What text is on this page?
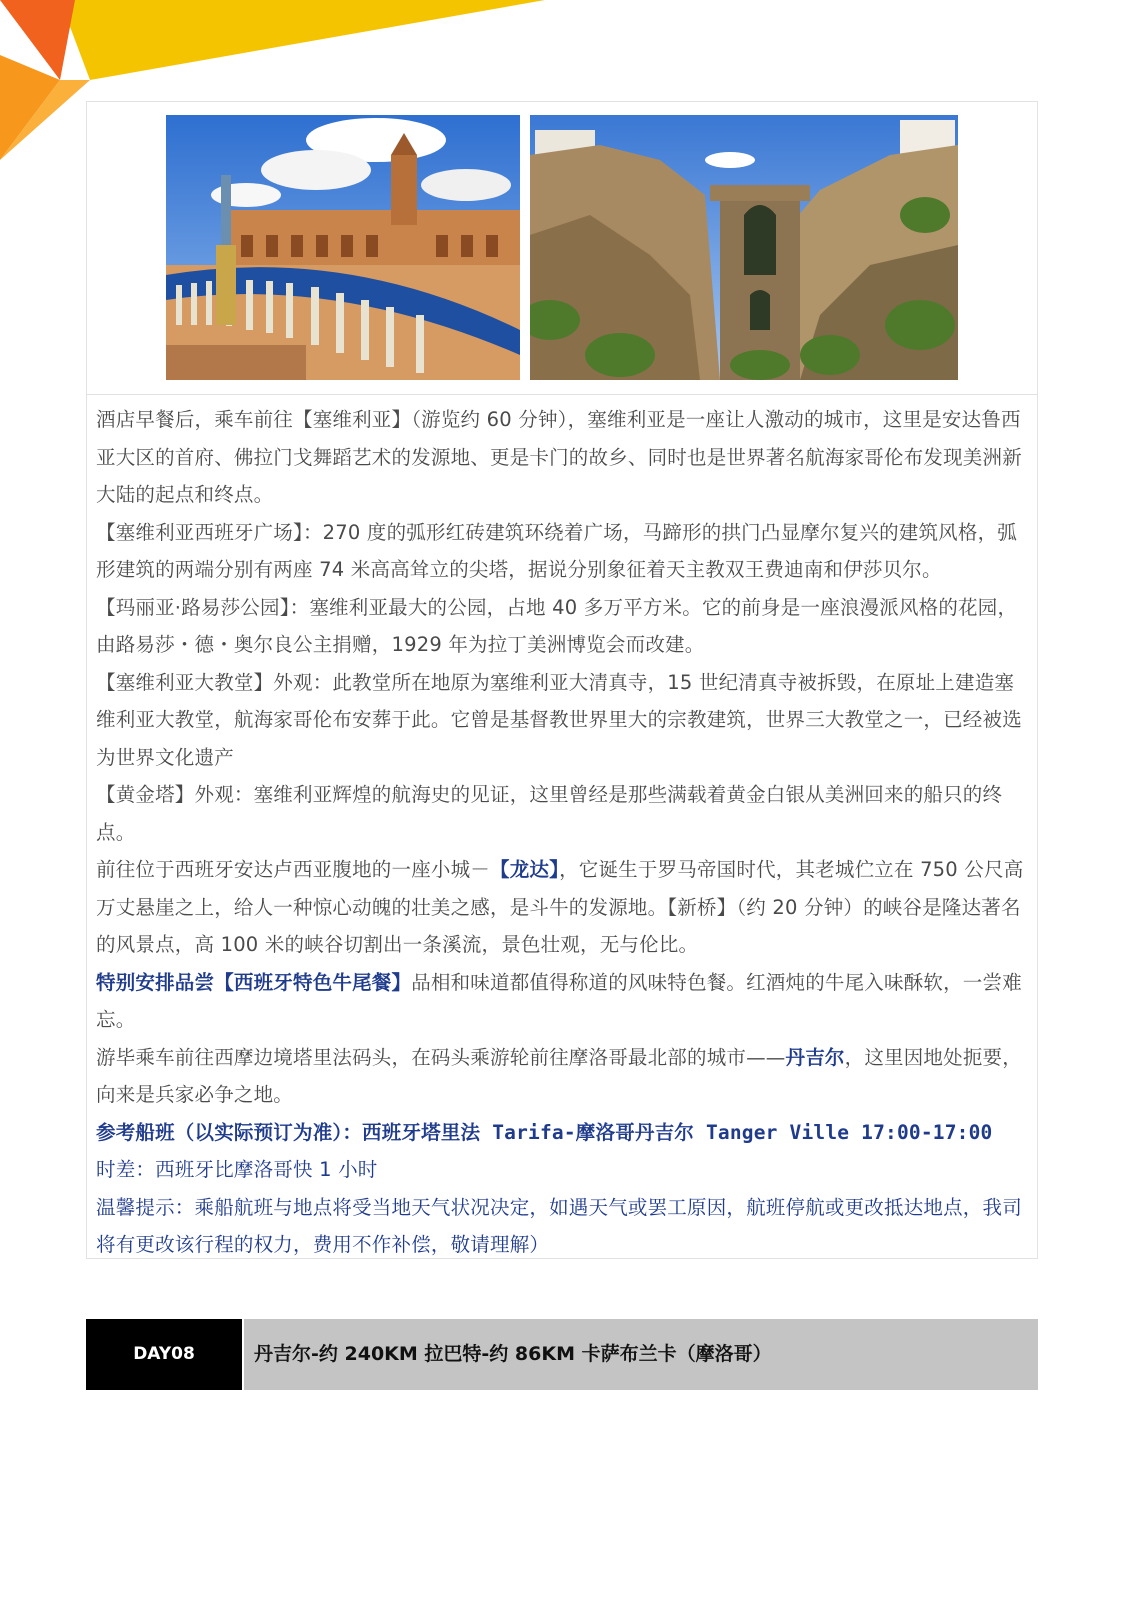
酒店早餐后，乘车前往【塞维利亚】（游览约 60 分钟），塞维利亚是一座让人激动的城市，这里是安达鲁西亚大区的首府、佛拉门戈舞蹈艺术的发源地、更是卡门的故乡、同时也是世界著名航海家哥伦布发现美洲新大陆的起点和终点。

【塞维利亚西班牙广场】：270 度的弧形红砖建筑环绕着广场，马蹄形的拱门凸显摩尔复兴的建筑风格，弧形建筑的两端分别有两座 74 米高高耸立的尖塔，据说分别象征着天主教双王费迪南和伊莎贝尔。

【玛丽亚·路易莎公园】：塞维利亚最大的公园，占地 40 多万平方米。它的前身是一座浪漫派风格的花园，由路易莎・德・奥尔良公主捐赠，1929 年为拉丁美洲博览会而改建。

【塞维利亚大教堂】外观：此教堂所在地原为塞维利亚大清真寺，15 世纪清真寺被拆毁，在原址上建造塞维利亚大教堂，航海家哥伦布安葬于此。它曾是基督教世界里大的宗教建筑，世界三大教堂之一，已经被选为世界文化遗产

【黄金塔】外观：塞维利亚辉煌的航海史的见证，这里曾经是那些满载着黄金白银从美洲回来的船只的终点。

前往位于西班牙安达卢西亚腹地的一座小城－【龙达】，它诞生于罗马帝国时代，其老城伫立在 750 公尺高万丈悬崖之上，给人一种惊心动魄的壮美之感，是斗牛的发源地。【新桥】（约 20 分钟）的峡谷是隆达著名的风景点，高 100 米的峡谷切割出一条溪流，景色壮观，无与伦比。

特别安排品尝【西班牙特色牛尾餐】品相和味道都值得称道的风味特色餐。红酒炖的牛尾入味酥软，一尝难忘。

游毕乘车前往西摩边境塔里法码头，在码头乘游轮前往摩洛哥最北部的城市——丹吉尔，这里因地处扼要，向来是兵家必争之地。

参考船班（以实际预订为准）：西班牙塔里法 Tarifa-摩洛哥丹吉尔 Tanger Ville 17:00-17:00

时差：西班牙比摩洛哥快 1 小时

温馨提示：乘船航班与地点将受当地天气状况决定，如遇天气或罢工原因，航班停航或更改抵达地点，我司将有更改该行程的权力，费用不作补偿，敬请理解）

DAY08	丹吉尔-约 240KM 拉巴特-约 86KM 卡萨布兰卡（摩洛哥）
